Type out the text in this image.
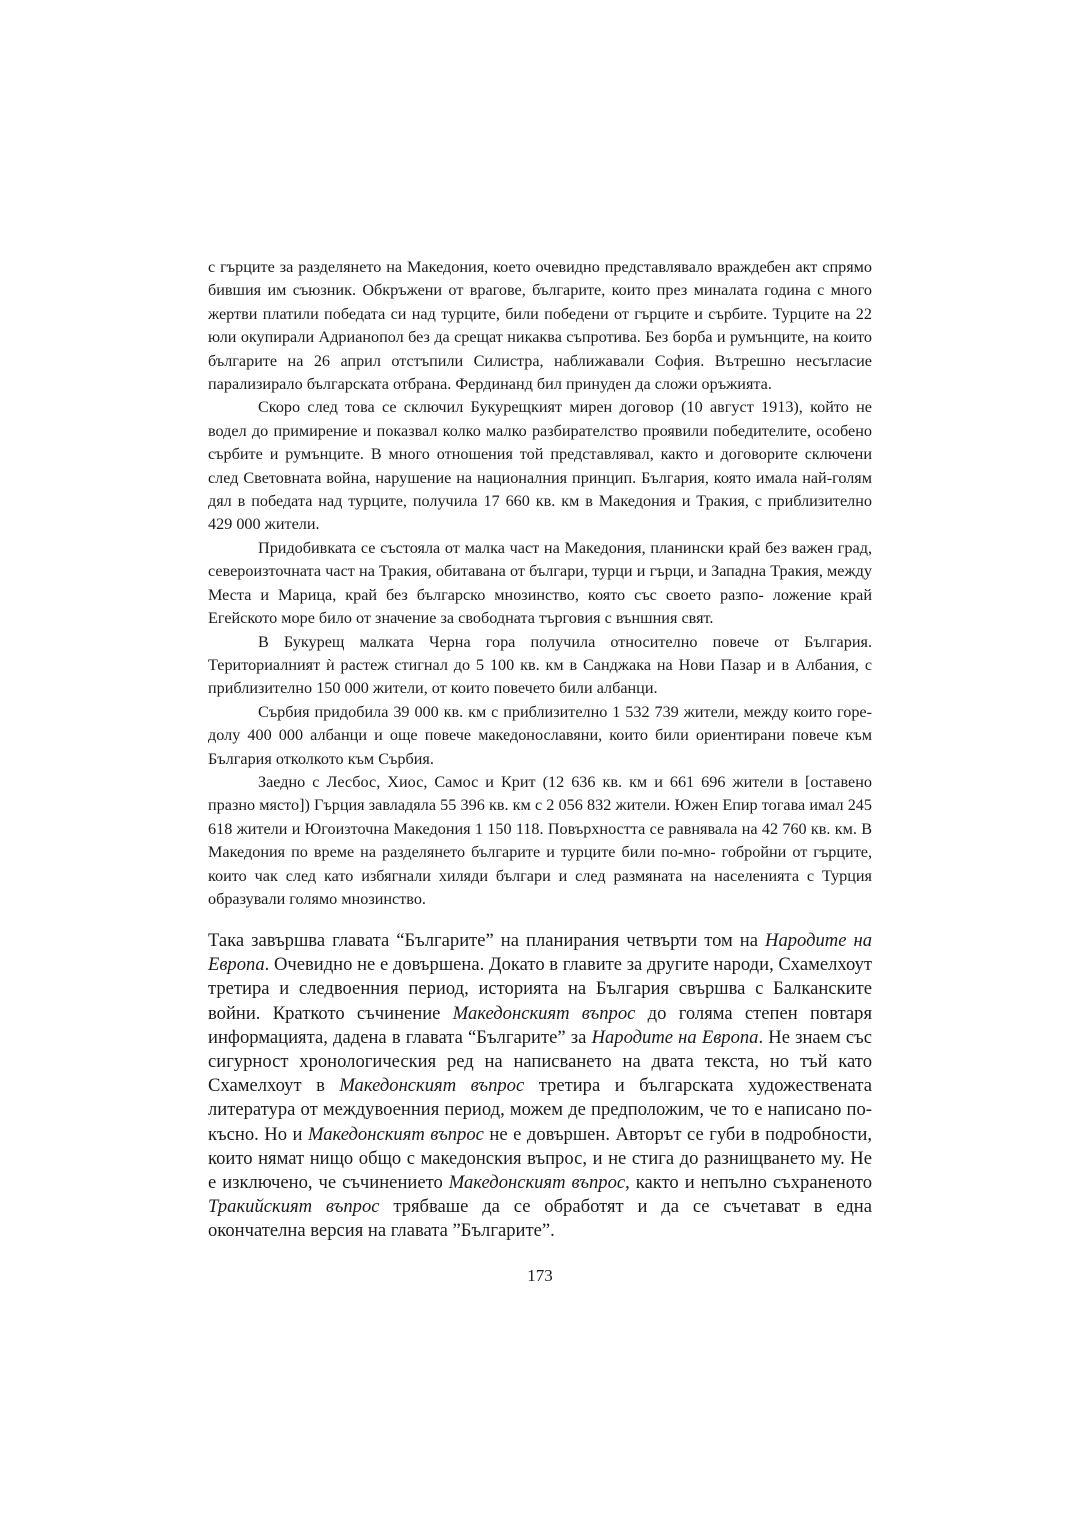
с гърците за разделянето на Македония, което очевидно представлявало враждебен акт спрямо бившия им съюзник. Обкръжени от врагове, българите, които през миналата година с много жертви платили победата си над турците, били победени от гърците и сърбите. Турците на 22 юли окупирали Адрианопол без да срещат никаква съпротива. Без борба и румънците, на които българите на 26 април отстъпили Силистра, наближавали София. Вътрешно несъгласие парализирало българската отбрана. Фердинанд бил принуден да сложи оръжията.

Скоро след това се сключил Букурещкият мирен договор (10 август 1913), който не водел до примирение и показвал колко малко разбирателство проявили победителите, особено сърбите и румънците. В много отношения той представлявал, както и договорите сключени след Световната война, нарушение на националния принцип. България, която имала най-голям дял в победата над турците, получила 17 660 кв. км в Македония и Тракия, с приблизително 429 000 жители.

Придобивката се състояла от малка част на Македония, планински край без важен град, североизточната част на Тракия, обитавана от българи, турци и гърци, и Западна Тракия, между Места и Марица, край без българско мнозинство, която със своето разпо- ложение край Егейското море било от значение за свободната търговия с външния свят.

В Букурещ малката Черна гора получила относително повече от България. Териториалният ѝ растеж стигнал до 5 100 кв. км в Санджака на Нови Пазар и в Албания, с приблизително 150 000 жители, от които повечето били албанци.

Сърбия придобила 39 000 кв. км с приблизително 1 532 739 жители, между които горе- долу 400 000 албанци и още повече македонославяни, които били ориентирани повече към България отколкото към Сърбия.

Заедно с Лесбос, Хиос, Самос и Крит (12 636 кв. км и 661 696 жители в [оставено празно място]) Гърция завладяла 55 396 кв. км с 2 056 832 жители. Южен Епир тогава имал 245 618 жители и Югоизточна Македония 1 150 118. Повърхността се равнявала на 42 760 кв. км. В Македония по време на разделянето българите и турците били по-мно- гобройни от гърците, които чак след като избягнали хиляди българи и след размяната на населенията с Турция образували голямо мнозинство.

Така завършва главата “Българите” на планирания четвърти том на Народите на Европа. Очевидно не е довършена. Докато в главите за другите народи, Схамелхоут третира и следвоенния период, историята на България свършва с Балканските войни. Краткото съчинение Македонският въпрос до голяма степен повтаря информацията, дадена в главата “Българите” за Народите на Европа. Не знаем със сигурност хронологическия ред на написването на двата текста, но тъй като Схамелхоут в Македонският въпрос третира и българската художествената литература от междувоенния период, можем де предположим, че то е написано по-късно. Но и Македонският въпрос не е довършен. Авторът се губи в подробности, които нямат нищо общо с македонския въпрос, и не стига до разнищването му. Не е изключено, че съчинението Македонският въпрос, както и непълно съхраненото Тракийският въпрос трябваше да се обработят и да се съчетават в една окончателна версия на главата ”Българите”.

173
